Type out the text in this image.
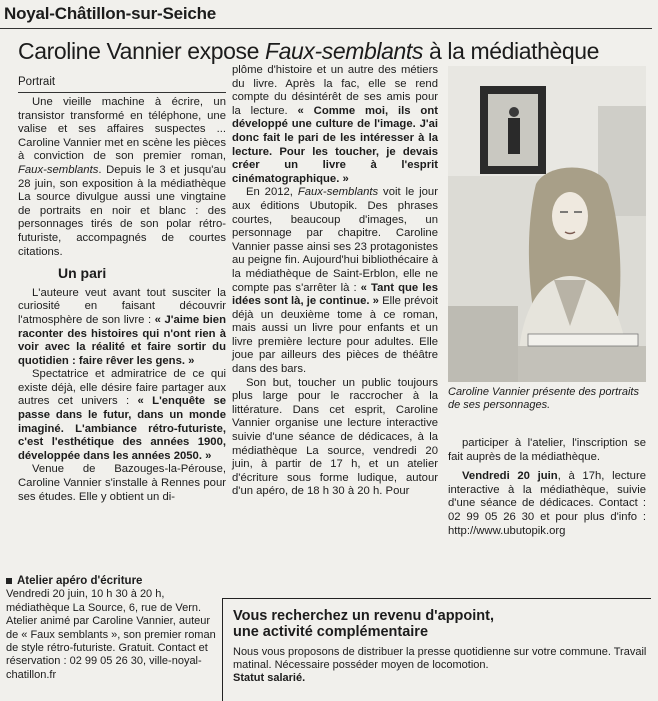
Noyal-Châtillon-sur-Seiche
Caroline Vannier expose Faux-semblants à la médiathèque
Portrait

Une vieille machine à écrire, un transistor transformé en téléphone, une valise et ses affaires suspectes ... Caroline Vannier met en scène les pièces à conviction de son premier roman, Faux-semblants. Depuis le 3 et jusqu'au 28 juin, son exposition à la médiathèque La source divulgue aussi une vingtaine de portraits en noir et blanc : des personnages tirés de son polar rétro-futuriste, accompagnés de courtes citations.

Un pari

L'auteure veut avant tout susciter la curiosité en faisant découvrir l'atmosphère de son livre : « J'aime bien raconter des histoires qui n'ont rien à voir avec la réalité et faire sortir du quotidien : faire rêver les gens. »

Spectatrice et admiratrice de ce qui existe déjà, elle désire faire partager aux autres cet univers : « L'enquête se passe dans le futur, dans un monde imaginé. L'ambiance rétro-futuriste, c'est l'esthétique des années 1900, développée dans les années 2050. »

Venue de Bazouges-la-Pérouse, Caroline Vannier s'installe à Rennes pour ses études. Elle y obtient un di-

plôme d'histoire et un autre des métiers du livre. Après la fac, elle se rend compte du désintérêt de ses amis pour la lecture. « Comme moi, ils ont développé une culture de l'image. J'ai donc fait le pari de les intéresser à la lecture. Pour les toucher, je devais créer un livre à l'esprit cinématographique. »

En 2012, Faux-semblants voit le jour aux éditions Ubutopik. Des phrases courtes, beaucoup d'images, un personnage par chapitre. Caroline Vannier passe ainsi ses 23 protagonistes au peigne fin. Aujourd'hui bibliothécaire à la médiathèque de Saint-Erblon, elle ne compte pas s'arrêter là : « Tant que les idées sont là, je continue. » Elle prévoit déjà un deuxième tome à ce roman, mais aussi un livre pour enfants et un livre première lecture pour adultes. Elle joue par ailleurs des pièces de théâtre dans des bars.

Son but, toucher un public toujours plus large pour le raccrocher à la littérature. Dans cet esprit, Caroline Vannier organise une lecture interactive suivie d'une séance de dédicaces, à la médiathèque La source, vendredi 20 juin, à partir de 17 h, et un atelier d'écriture sous forme ludique, autour d'un apéro, de 18 h 30 à 20 h. Pour

Caroline Vannier présente des portraits de ses personnages.

participer à l'atelier, l'inscription se fait auprès de la médiathèque.

Vendredi 20 juin, à 17h, lecture interactive à la médiathèque, suivie d'une séance de dédicaces. Contact : 02 99 05 26 30 et pour plus d'info : http://www.ubutopik.org

Atelier apéro d'écriture
Vendredi 20 juin, 10 h 30 à 20 h, médiathèque La Source, 6, rue de Vern. Atelier animé par Caroline Vannier, auteur de « Faux semblants », son premier roman de style rétro-futuriste. Gratuit. Contact et réservation : 02 99 05 26 30, ville-noyal-chatillon.fr
Vous recherchez un revenu d'appoint,
une activité complémentaire
Nous vous proposons de distribuer la presse quotidienne sur votre commune. Travail matinal. Nécessaire posséder moyen de locomotion.
Statut salarié.
